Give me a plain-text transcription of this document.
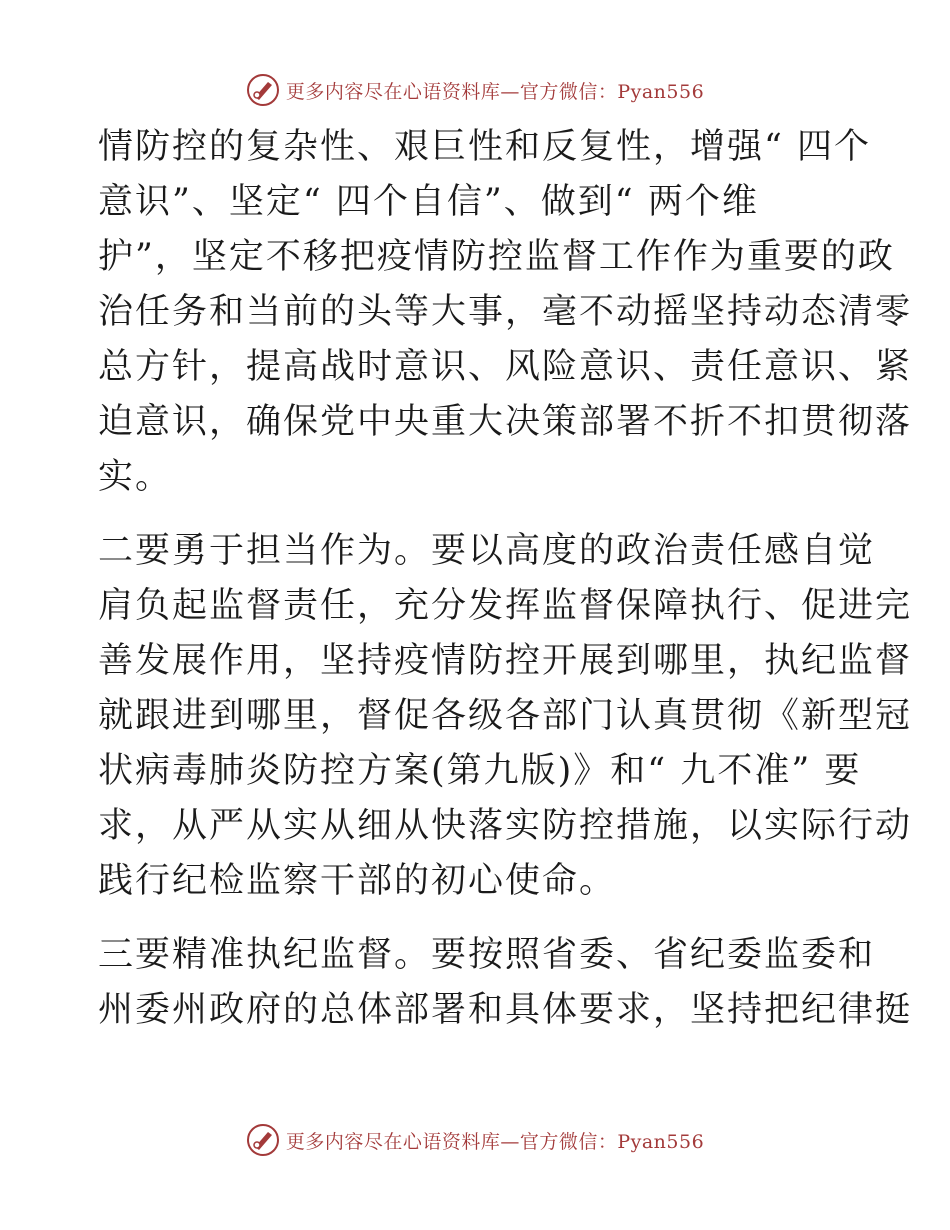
更多内容尽在心语资料库—官方微信：Pyan556
情防控的复杂性、艰巨性和反复性，增强“ 四个
意识”、坚定“ 四个自信”、做到“ 两个维
护”，坚定不移把疫情防控监督工作作为重要的政
治任务和当前的头等大事，毫不动摇坚持动态清零
总方针，提高战时意识、风险意识、责任意识、紧
迫意识，确保党中央重大决策部署不折不扣贯彻落
实。
二要勇于担当作为。要以高度的政治责任感自觉
肩负起监督责任，充分发挥监督保障执行、促进完
善发展作用，坚持疫情防控开展到哪里，执纪监督
就跟进到哪里，督促各级各部门认真贯彻《新型冠
状病毒肺炎防控方案(第九版)》和“ 九不准” 要
求，从严从实从细从快落实防控措施，以实际行动
践行纪检监察干部的初心使命。
三要精准执纪监督。要按照省委、省纪委监委和
州委州政府的总体部署和具体要求，坚持把纪律挺
更多内容尽在心语资料库—官方微信：Pyan556
